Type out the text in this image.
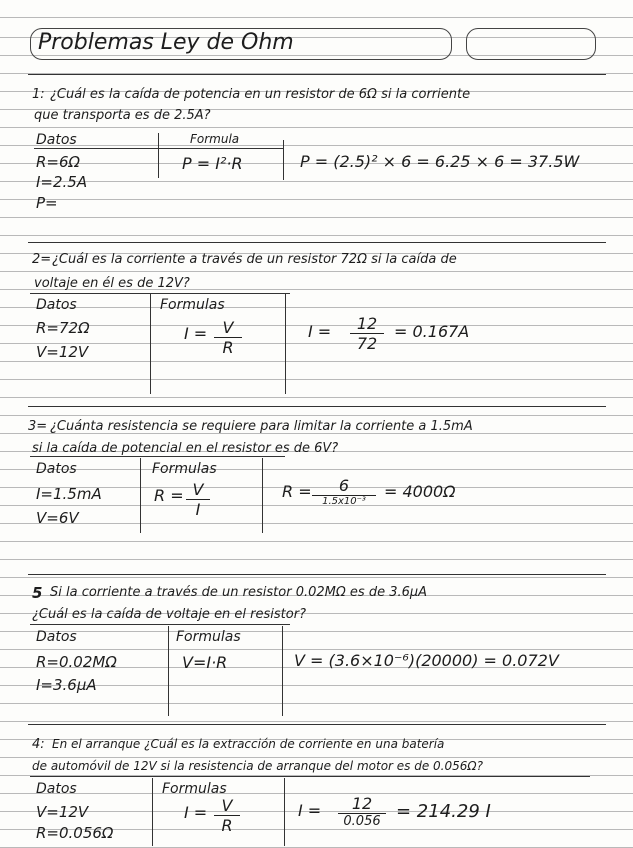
Problemas Ley de Ohm
1: ¿Cuál es la caída de potencia en un resistor de 6Ω si la corriente
que transporta es de 2.5A?
Datos	Formula
R=6Ω
I=2.5A
P=
P = I²·R	P = (2.5)² × 6 = 6.25 × 6 = 37.5W
2= ¿Cuál es la corriente a través de un resistor 72Ω si la caída de
voltaje en él es de 12V?
Datos	Formulas
R=72Ω
V=12V
$I = \frac{V}{R}$	$I = \frac{12}{72} = 0.167A$
3= ¿Cuánta resistencia se requiere para limitar la corriente a 1.5mA
si la caída de potencial en el resistor es de 6V?
Datos	Formulas
I=1.5mA
V=6V
$R = \frac{V}{I}$	R =	6
1.5x10⁻³
= 4000Ω
5 Si la corriente a través de un resistor 0.02MΩ es de 3.6μA
¿Cuál es la caída de voltaje en el resistor?
Datos	Formulas
R=0.02MΩ
I=3.6μA
V=I·R	V = (3.6×10⁻⁶)(20000) = 0.072V
4: En el arranque ¿Cuál es la extracción de corriente en una batería
de automóvil de 12V si la resistencia de arranque del motor es de 0.056Ω?
Datos	Formulas
V=12V
R=0.056Ω
$I = \frac{V}{R}$	I =	12
0.056 = 214.29 I
